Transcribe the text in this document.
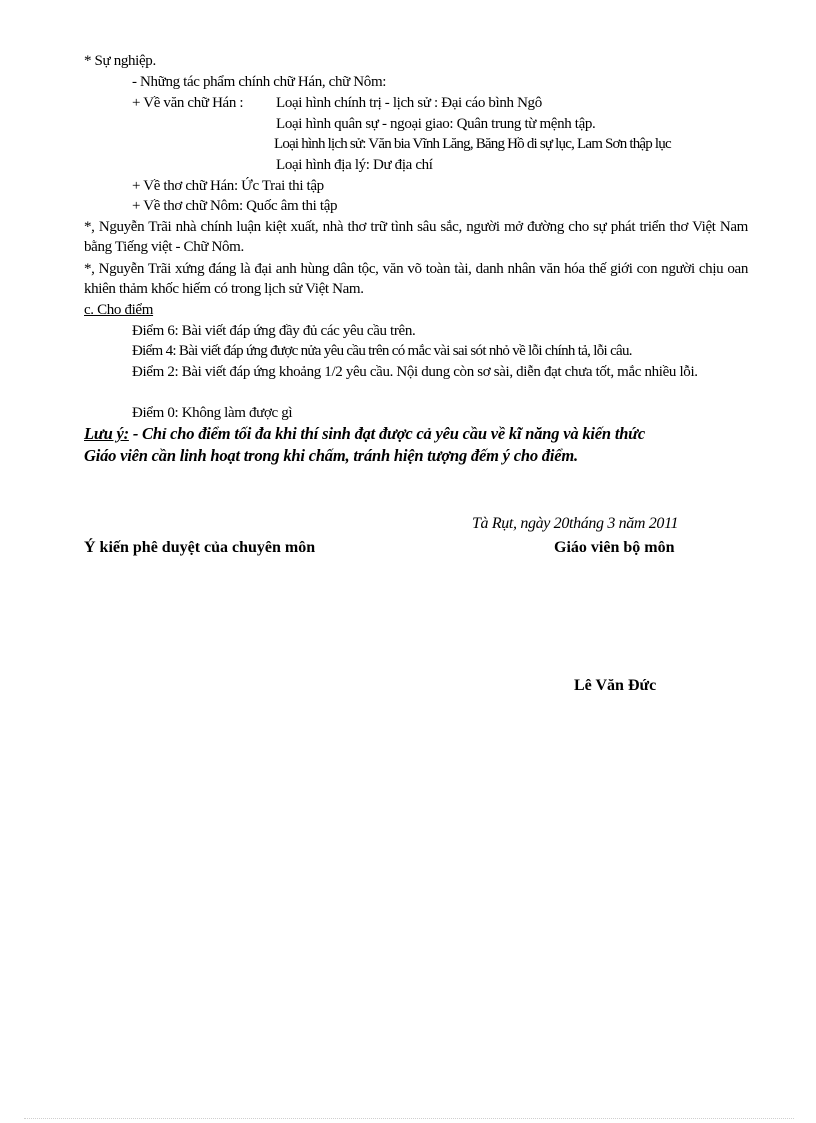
* Sự nghiệp.
- Những tác phẩm chính chữ Hán, chữ Nôm:
+ Về văn chữ Hán : Loại hình chính trị - lịch sử : Đại cáo bình Ngô
Loại hình quân sự - ngoại giao: Quân trung từ mệnh tập.
Loại hình lịch sử: Văn bia Vĩnh Lăng, Băng Hồ di sự lục, Lam Sơn thập lục
Loại hình địa lý: Dư địa chí
+ Về thơ chữ Hán: Ức Trai thi tập
+ Về thơ chữ Nôm: Quốc âm thi tập
*, Nguyễn Trãi nhà chính luận kiệt xuất, nhà thơ trữ tình sâu sắc, người mở đường cho sự phát triển thơ Việt Nam bằng Tiếng việt - Chữ Nôm.
*, Nguyễn Trãi xứng đáng là đại anh hùng dân tộc, văn võ toàn tài, danh nhân văn hóa thế giới con người chịu oan khiên thảm khốc hiếm có trong lịch sử Việt Nam.
c. Cho điểm
Điểm 6: Bài viết đáp ứng đầy đủ các yêu cầu trên.
Điểm 4: Bài viết đáp ứng được nửa yêu cầu trên có mắc vài sai sót nhỏ về lỗi chính tả, lỗi câu.
Điểm 2: Bài viết đáp ứng khoảng 1/2 yêu cầu. Nội dung còn sơ sài, diễn đạt chưa tốt, mắc nhiều lỗi.
Điểm 0: Không làm được gì
Lưu ý: - Chỉ cho điểm tối đa khi thí sinh đạt được cả yêu cầu về kĩ năng và kiến thức
Giáo viên cần linh hoạt trong khi chấm, tránh hiện tượng đếm ý cho điểm.
Tà Rụt, ngày 20tháng 3 năm 2011
Ý kiến phê duyệt của chuyên môn	Giáo viên bộ môn
Lê Văn Đức
